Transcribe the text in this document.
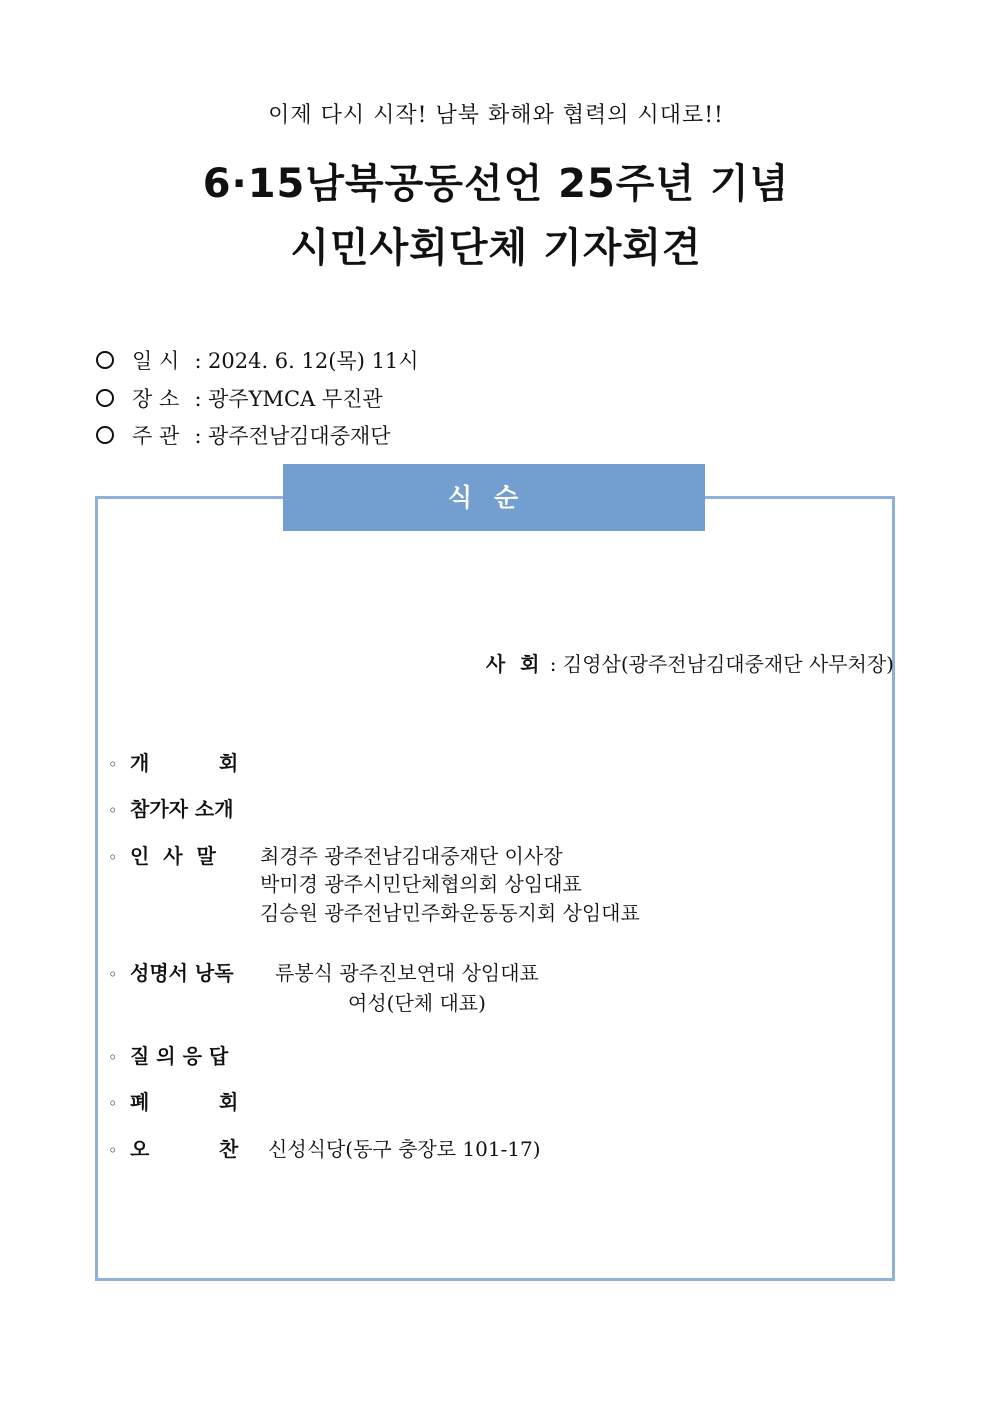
이제 다시 시작! 남북 화해와 협력의 시대로!!
6·15남북공동선언 25주년 기념
시민사회단체 기자회견
일 시 : 2024. 6. 12(목) 11시
장 소 : 광주YMCA 무진관
주 관 : 광주전남김대중재단
식순
사 회 : 김영삼(광주전남김대중재단 사무처장)
◦ 개          회
◦ 참가자 소개
◦ 인  사  말 최경주 광주전남김대중재단 이사장
박미경 광주시민단체협의회 상임대표
김승원 광주전남민주화운동동지회 상임대표
◦ 성명서 낭독 류봉식 광주진보연대 상임대표
여성(단체 대표)
◦ 질 의 응 답
◦ 폐          회
◦ 오          찬 신성식당(동구 충장로 101-17)
